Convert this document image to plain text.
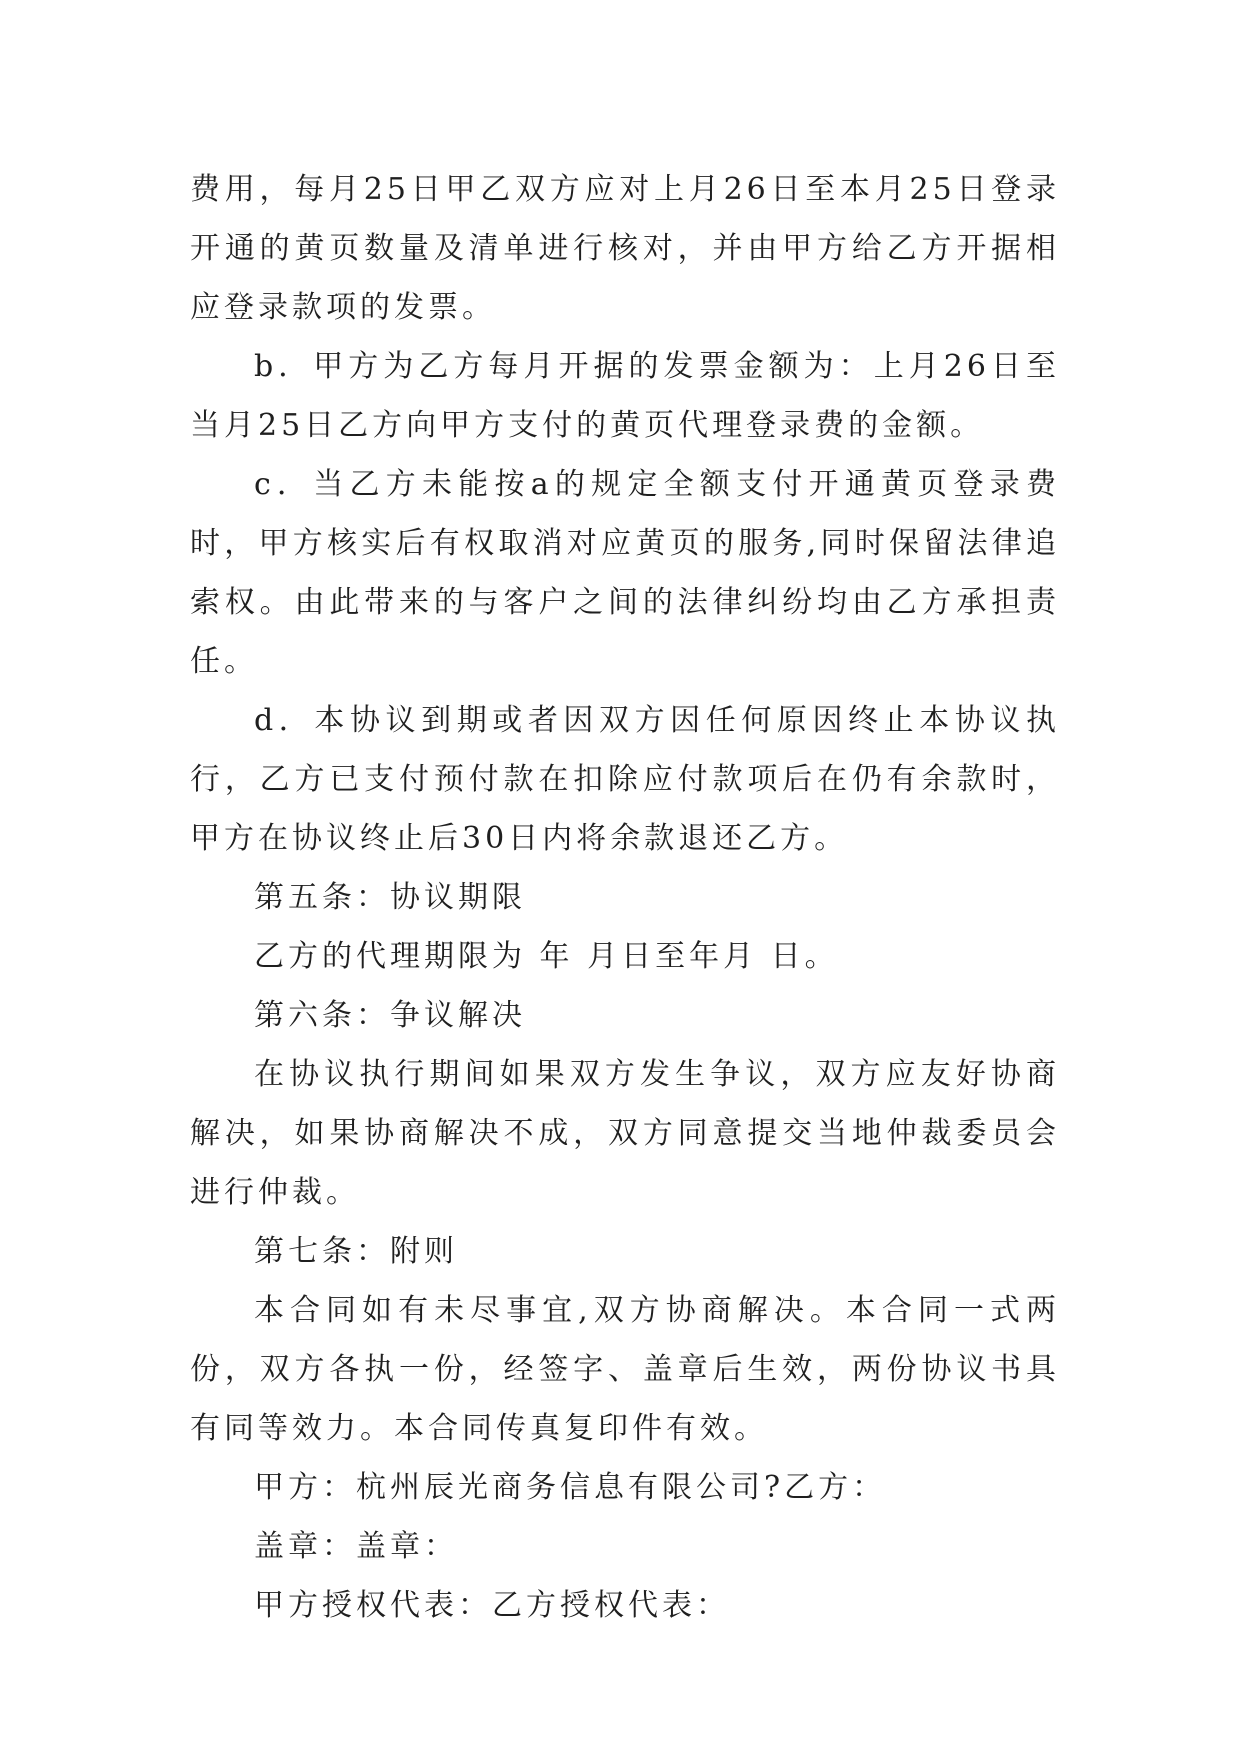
费用，每月25日甲乙双方应对上月26日至本月25日登录开通的黄页数量及清单进行核对，并由甲方给乙方开据相应登录款项的发票。

b．甲方为乙方每月开据的发票金额为：上月26日至当月25日乙方向甲方支付的黄页代理登录费的金额。

c．当乙方未能按a的规定全额支付开通黄页登录费时，甲方核实后有权取消对应黄页的服务,同时保留法律追索权。由此带来的与客户之间的法律纠纷均由乙方承担责任。

d．本协议到期或者因双方因任何原因终止本协议执行，乙方已支付预付款在扣除应付款项后在仍有余款时，甲方在协议终止后30日内将余款退还乙方。

第五条：协议期限

乙方的代理期限为 年 月日至年月 日。

第六条：争议解决

在协议执行期间如果双方发生争议，双方应友好协商解决，如果协商解决不成，双方同意提交当地仲裁委员会进行仲裁。

第七条：附则

本合同如有未尽事宜,双方协商解决。本合同一式两份，双方各执一份，经签字、盖章后生效，两份协议书具有同等效力。本合同传真复印件有效。

甲方：杭州辰光商务信息有限公司?乙方：

盖章：盖章：

甲方授权代表：乙方授权代表：
